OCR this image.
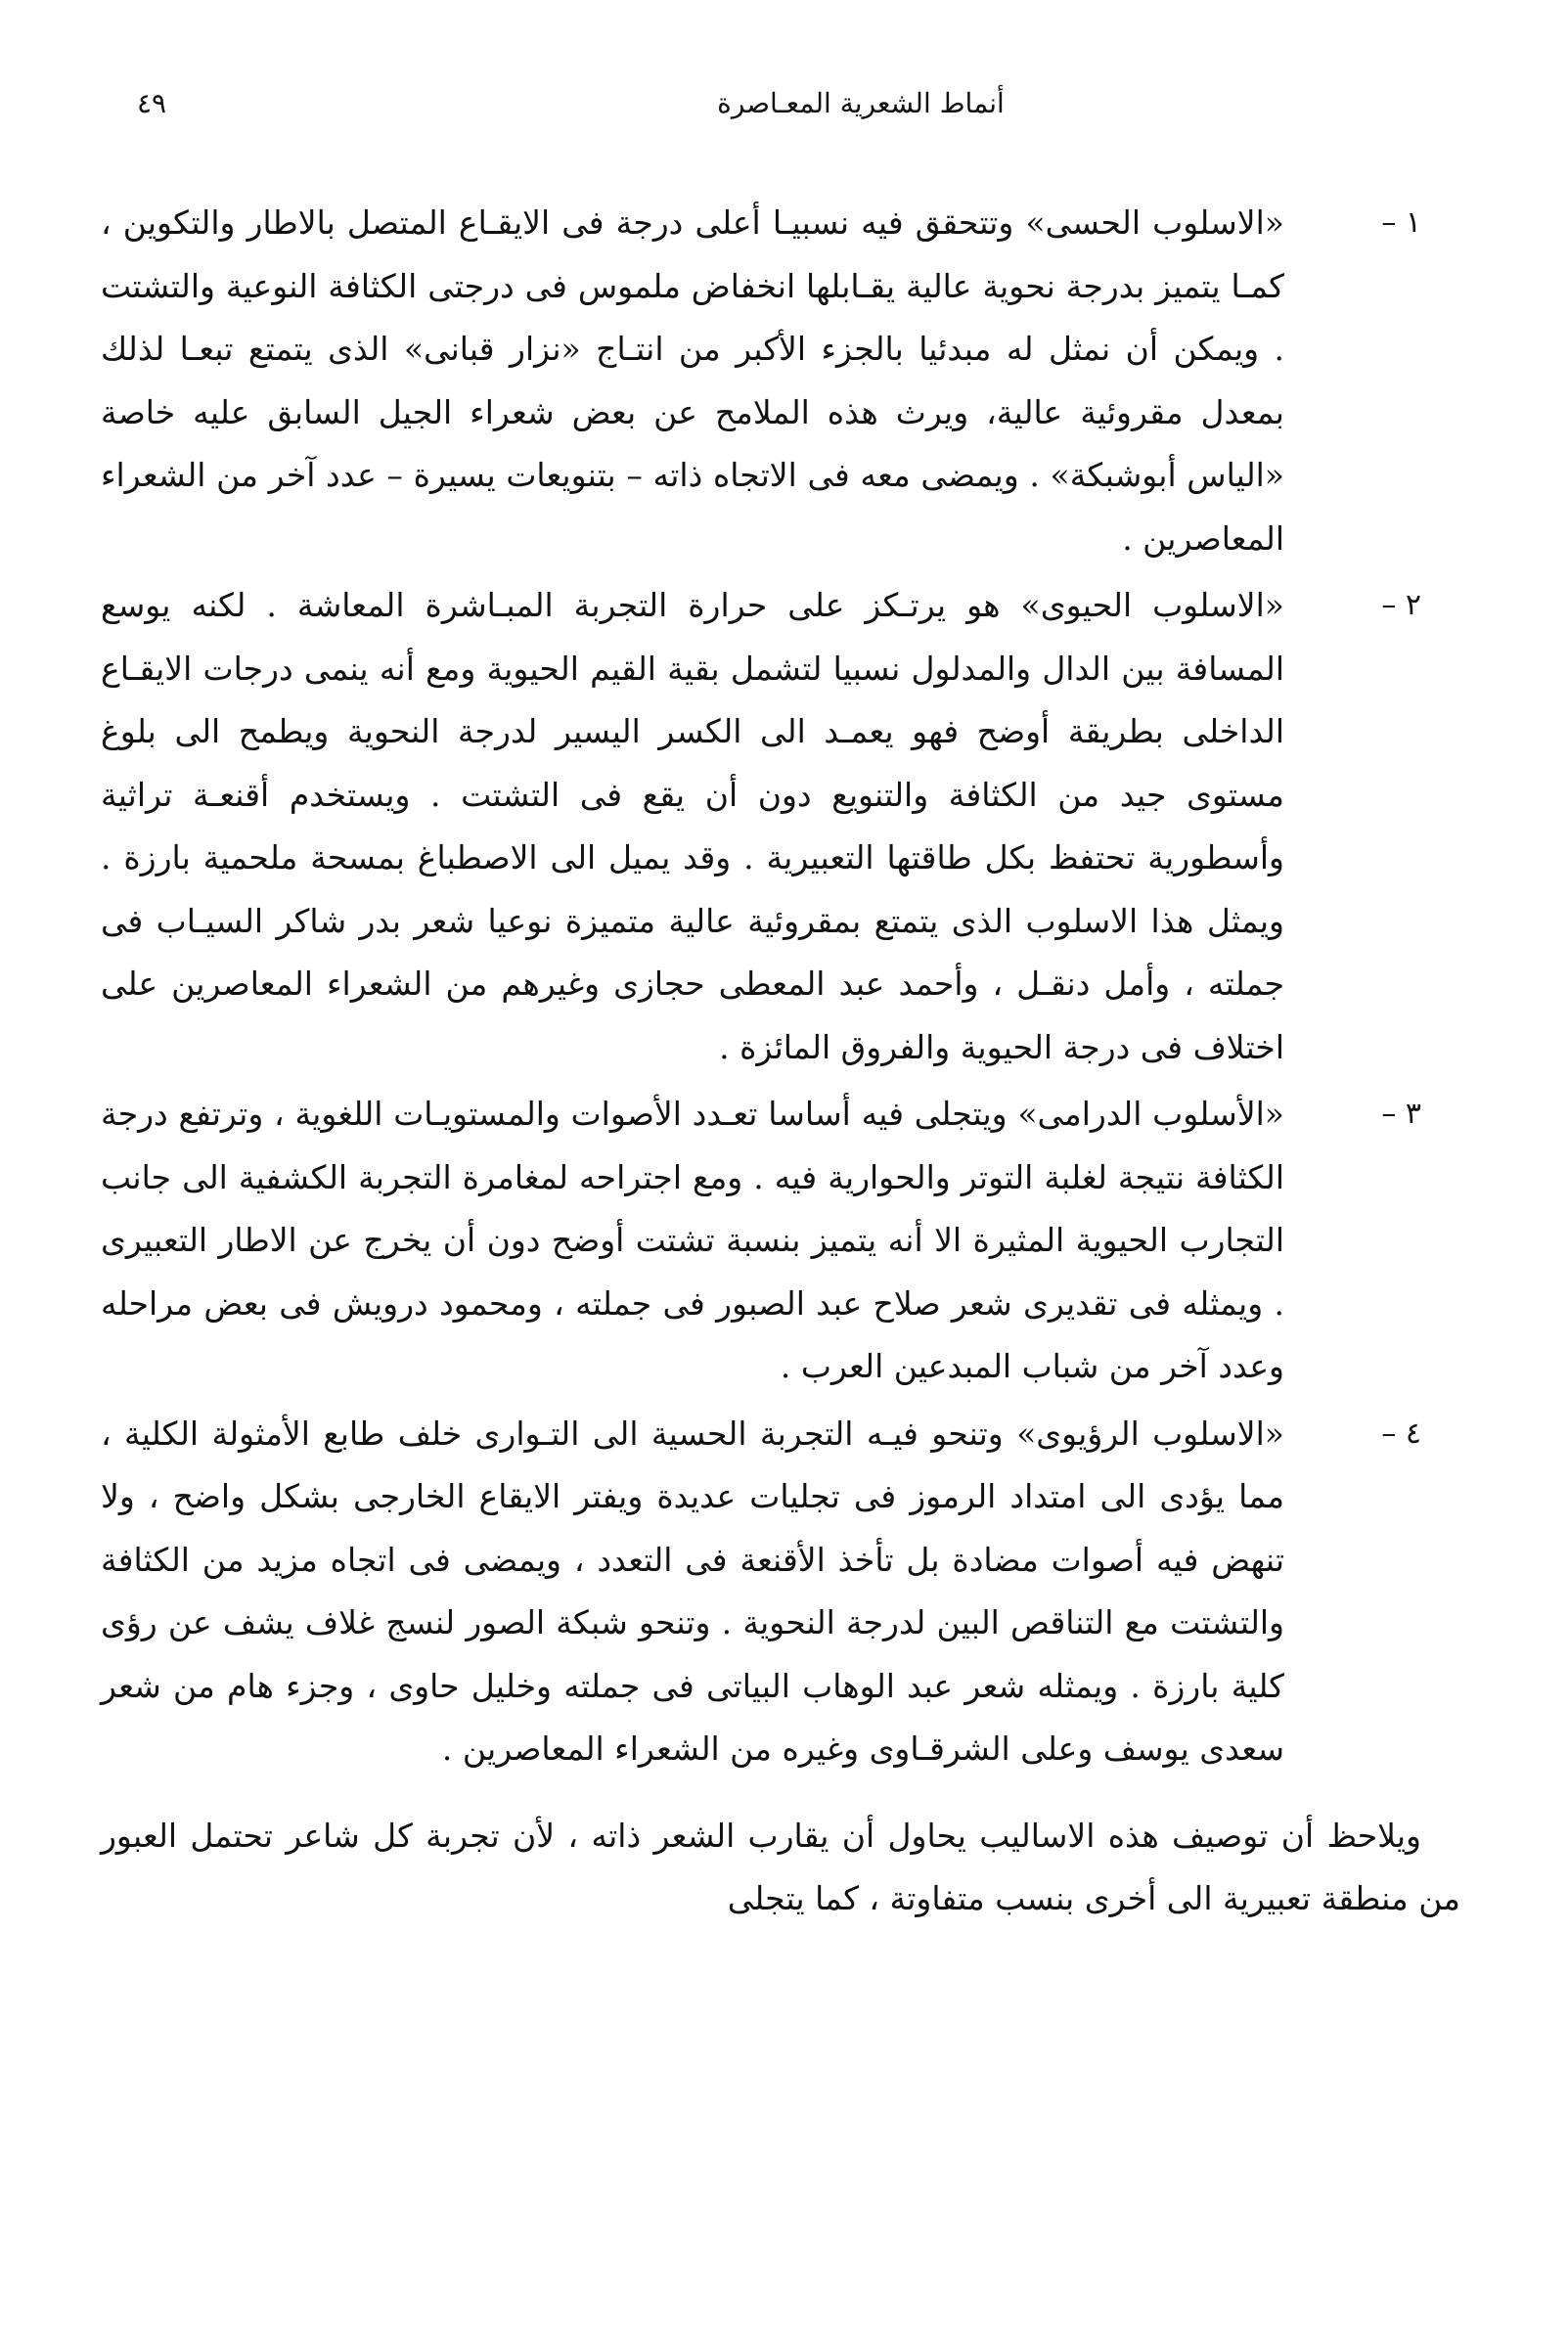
أنماط الشعرية المعـاصرة
٤٩
١ –
«الاسلوب الحسى» وتتحقق فيه نسبيـا أعلى درجة فى الايقـاع المتصل بالاطار والتكوين ، كمـا يتميز بدرجة نحوية عالية يقـابلها انخفاض ملموس فى درجتى الكثافة النوعية والتشتت . ويمكن أن نمثل له مبدئيا بالجزء الأكبر من انتـاج «نزار قبانى» الذى يتمتع تبعـا لذلك بمعدل مقروئية عالية، ويرث هذه الملامح عن بعض شعراء الجيل السابق عليه خاصة «الياس أبوشبكة» . ويمضى معه فى الاتجاه ذاته – بتنويعات يسيرة – عدد آخر من الشعراء المعاصرين .
٢ –
«الاسلوب الحيوى» هو يرتـكز على حرارة التجربة المبـاشرة المعاشة . لكنه يوسع المسافة بين الدال والمدلول نسبيا لتشمل بقية القيم الحيوية ومع أنه ينمى درجات الايقـاع الداخلى بطريقة أوضح فهو يعمـد الى الكسر اليسير لدرجة النحوية ويطمح الى بلوغ مستوى جيد من الكثافة والتنويع دون أن يقع فى التشتت . ويستخدم أقنعـة تراثية وأسطورية تحتفظ بكل طاقتها التعبيرية . وقد يميل الى الاصطباغ بمسحة ملحمية بارزة . ويمثل هذا الاسلوب الذى يتمتع بمقروئية عالية متميزة نوعيا شعر بدر شاكر السيـاب فى جملته ، وأمل دنقـل ، وأحمد عبد المعطى حجازى وغيرهم من الشعراء المعاصرين على اختلاف فى درجة الحيوية والفروق المائزة .
٣ –
«الأسلوب الدرامى» ويتجلى فيه أساسا تعـدد الأصوات والمستويـات اللغوية ، وترتفع درجة الكثافة نتيجة لغلبة التوتر والحوارية فيه . ومع اجتراحه لمغامرة التجربة الكشفية الى جانب التجارب الحيوية المثيرة الا أنه يتميز بنسبة تشتت أوضح دون أن يخرج عن الاطار التعبيرى . ويمثله فى تقديرى شعر صلاح عبد الصبور فى جملته ، ومحمود درويش فى بعض مراحله وعدد آخر من شباب المبدعين العرب .
٤ –
«الاسلوب الرؤيوى» وتنحو فيـه التجربة الحسية الى التـوارى خلف طابع الأمثولة الكلية ، مما يؤدى الى امتداد الرموز فى تجليات عديدة ويفتر الايقاع الخارجى بشكل واضح ، ولا تنهض فيه أصوات مضادة بل تأخذ الأقنعة فى التعدد ، ويمضى فى اتجاه مزيد من الكثافة والتشتت مع التناقص البين لدرجة النحوية . وتنحو شبكة الصور لنسج غلاف يشف عن رؤى كلية بارزة . ويمثله شعر عبد الوهاب البياتى فى جملته وخليل حاوى ، وجزء هام من شعر سعدى يوسف وعلى الشرقـاوى وغيره من الشعراء المعاصرين .
ويلاحظ أن توصيف هذه الاساليب يحاول أن يقارب الشعر ذاته ، لأن تجربة كل شاعر تحتمل العبور من منطقة تعبيرية الى أخرى بنسب متفاوتة ، كما يتجلى
